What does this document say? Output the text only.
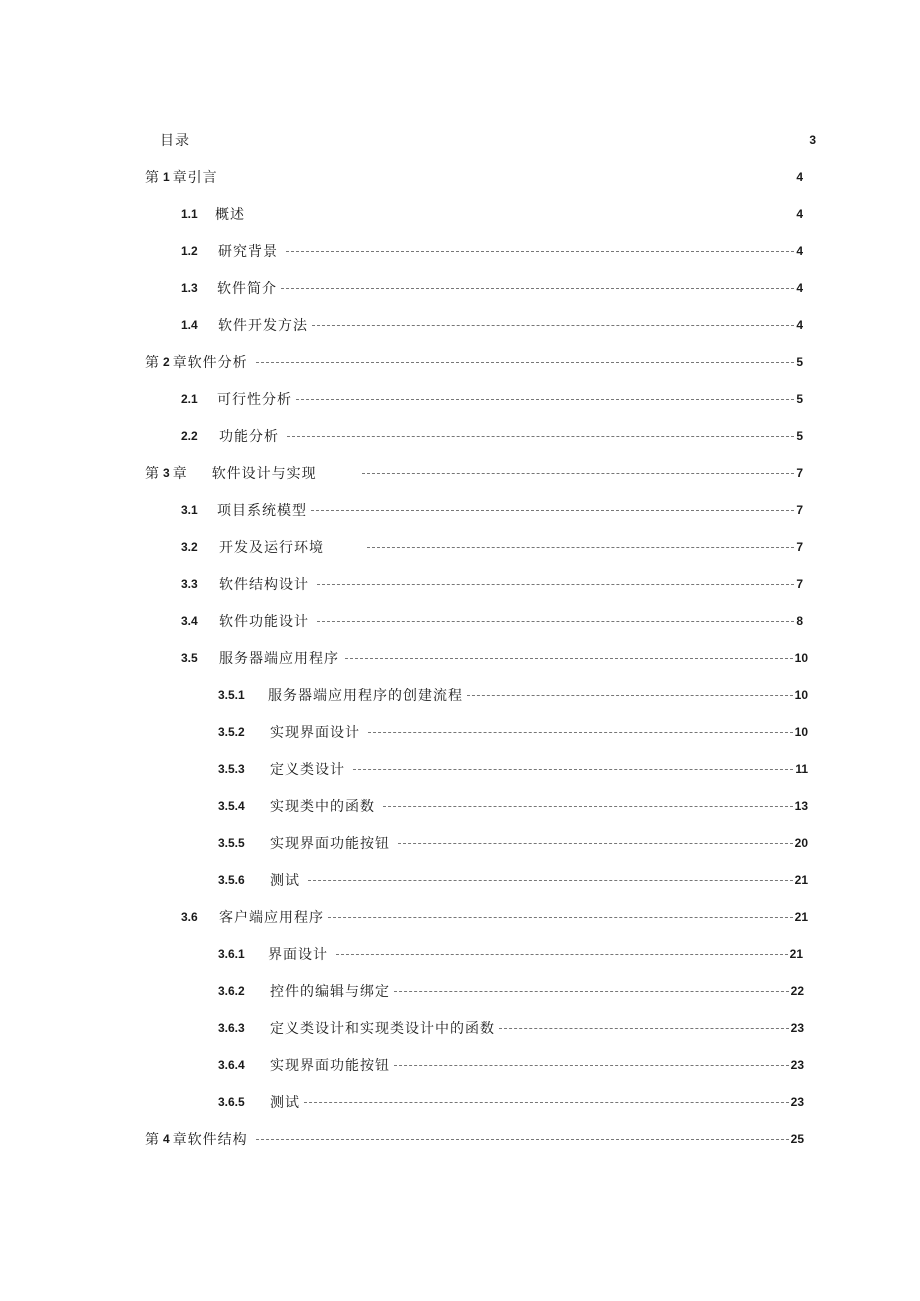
目录	3
第 1 章引言	4
1.1	概述	4
1.2	研究背景	4
1.3	软件简介	4
1.4	软件开发方法	4
第 2 章软件分析	5
2.1	可行性分析	5
2.2	功能分析	5
第 3 章 软件设计与实现	7
3.1	项目系统模型	7
3.2	开发及运行环境	7
3.3	软件结构设计	7
3.4	软件功能设计	8
3.5	服务器端应用程序	10
3.5.1	服务器端应用程序的创建流程	10
3.5.2	实现界面设计	10
3.5.3	定义类设计	11
3.5.4	实现类中的函数	13
3.5.5	实现界面功能按钮	20
3.5.6	测试	21
3.6	客户端应用程序	21
3.6.1	界面设计	21
3.6.2	控件的编辑与绑定	22
3.6.3	定义类设计和实现类设计中的函数	23
3.6.4	实现界面功能按钮	23
3.6.5	测试	23
第 4 章软件结构	25
